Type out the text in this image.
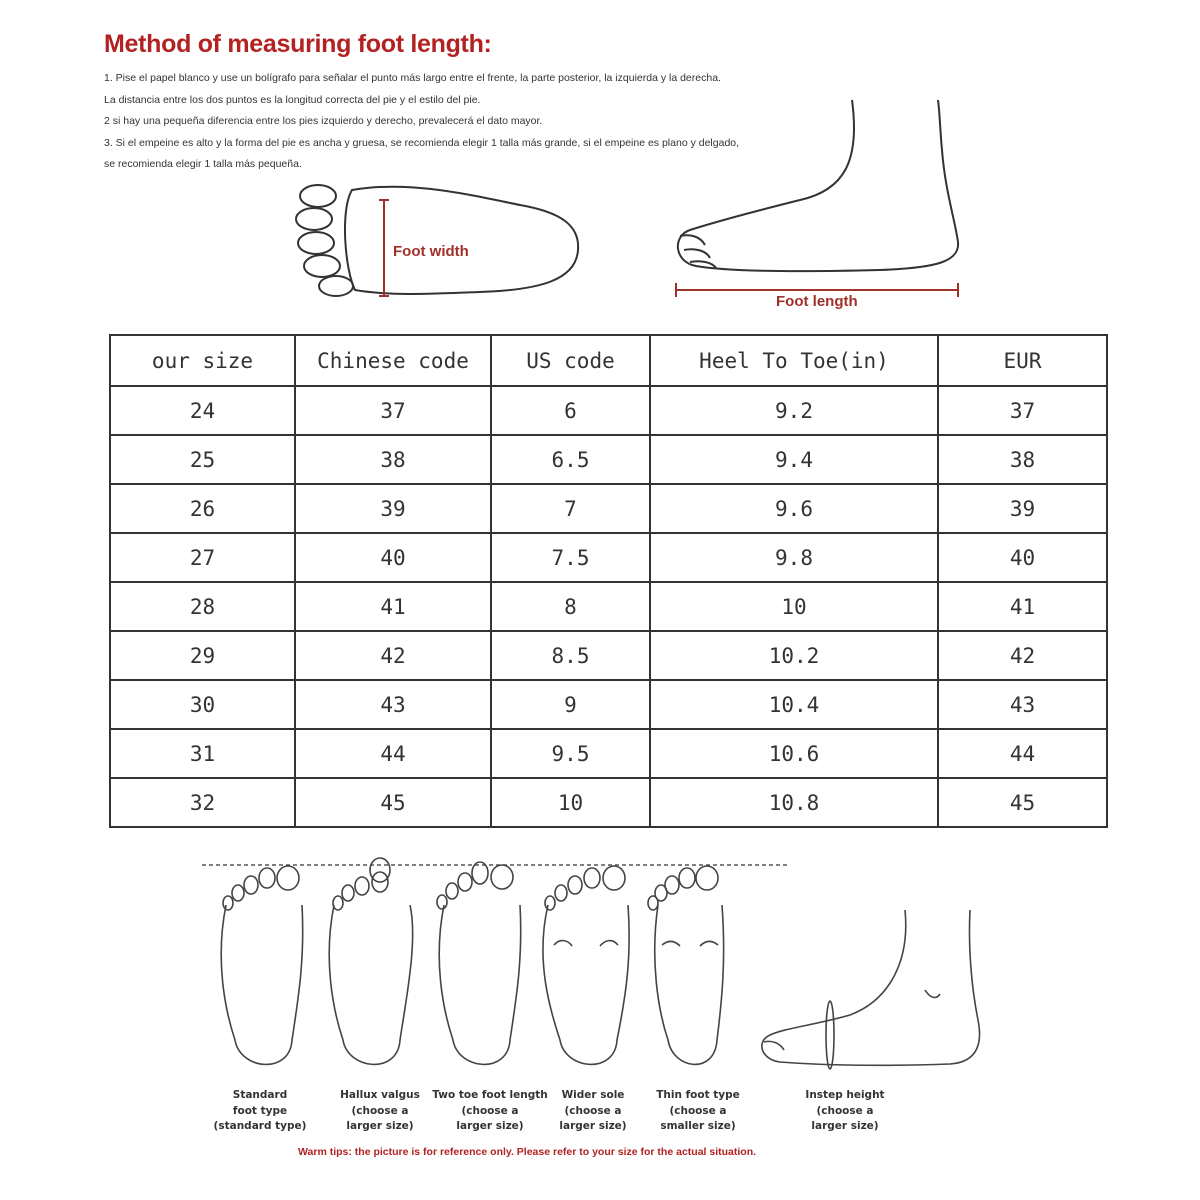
Method of measuring foot length:
1. Pise el papel blanco y use un bolígrafo para señalar el punto más largo entre el frente, la parte posterior, la izquierda y la derecha.
La distancia entre los dos puntos es la longitud correcta del pie y el estilo del pie.
2 si hay una pequeña diferencia entre los pies izquierdo y derecho, prevalecerá el dato mayor.
3. Si el empeine es alto y la forma del pie es ancha y gruesa, se recomienda elegir 1 talla más grande, si el empeine es plano y delgado,
se recomienda elegir 1 talla más pequeña.
Foot width
Foot length
our size	Chinese code	US code	Heel To Toe(in)	EUR
24	37	6	9.2	37
25	38	6.5	9.4	38
26	39	7	9.6	39
27	40	7.5	9.8	40
28	41	8	10	41
29	42	8.5	10.2	42
30	43	9	10.4	43
31	44	9.5	10.6	44
32	45	10	10.8	45
Standard
foot type
(standard type)
Hallux valgus
(choose a
larger size)
Two toe foot length
(choose a
larger size)
Wider sole
(choose a
larger size)
Thin foot type
(choose a
smaller size)
Instep height
(choose a
larger size)
Warm tips: the picture is for reference only. Please refer to your size for the actual situation.
